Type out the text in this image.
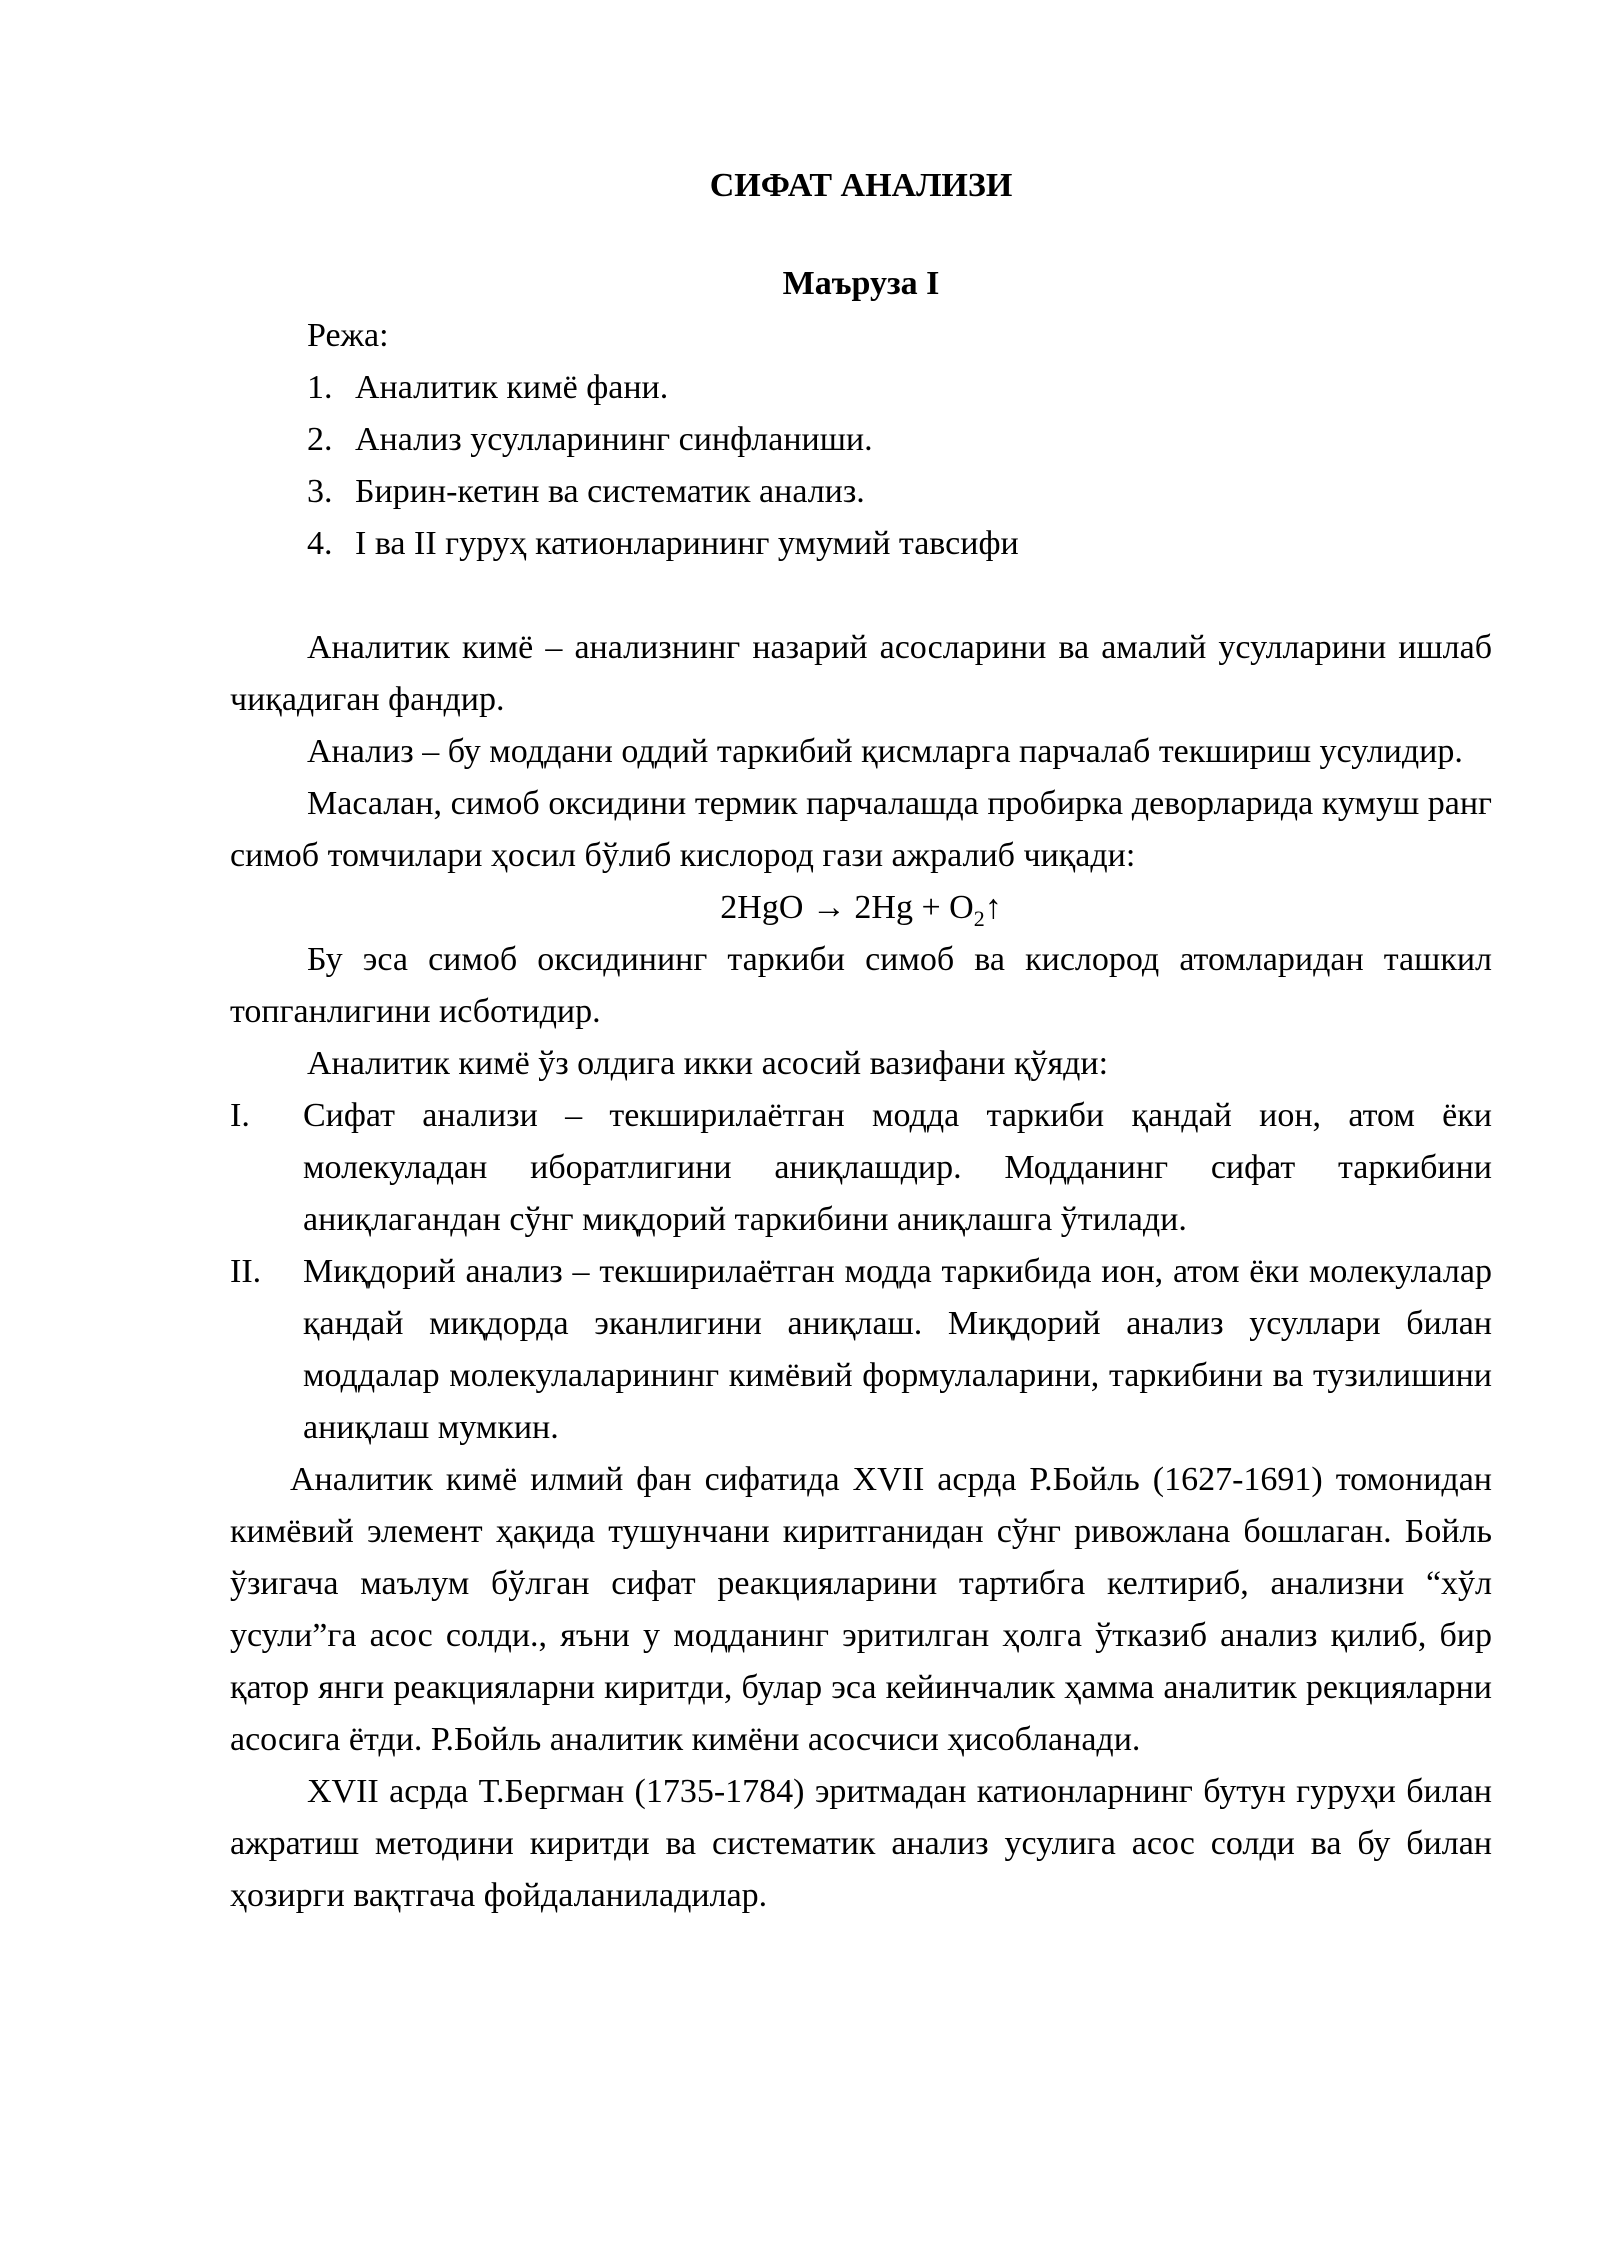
СИФАТ АНАЛИЗИ
Маъруза I

Режа:

1. Аналитик кимё фани.
2. Анализ усулларининг синфланиши.
3. Бирин-кетин ва систематик анализ.
4. I ва II гуруҳ катионларининг умумий тавсифи

Аналитик кимё – анализнинг назарий асосларини ва амалий усулларини ишлаб чиқадиган фандир.

Анализ – бу моддани оддий таркибий қисмларга парчалаб текшириш усулидир.

Масалан, симоб оксидини термик парчалашда пробирка деворларида кумуш ранг симоб томчилари ҳосил бўлиб кислород гази ажралиб чиқади:

$2HgO \to 2Hg + O_2↑$

Бу эса симоб оксидининг таркиби симоб ва кислород атомларидан ташкил топганлигини исботидир.

Аналитик кимё ўз олдига икки асосий вазифани қўяди:

I.	Сифат анализи – текширилаётган модда таркиби қандай ион, атом ёки молекуладан иборатлигини аниқлашдир. Модданинг сифат таркибини аниқлагандан сўнг миқдорий таркибини аниқлашга ўтилади.
II.	Миқдорий анализ – текширилаётган модда таркибида ион, атом ёки молекулалар қандай миқдорда эканлигини аниқлаш. Миқдорий анализ усуллари билан моддалар молекулаларининг кимёвий формулаларини, таркибини ва тузилишини аниқлаш мумкин.

Аналитик кимё илмий фан сифатида XVII асрда Р.Бойль (1627-1691) томонидан кимёвий элемент ҳақида тушунчани киритганидан сўнг ривожлана бошлаган. Бойль ўзигача маълум бўлган сифат реакцияларини тартибга келтириб, анализни “хўл усули”га асос солди., яъни у модданинг эритилган ҳолга ўтказиб анализ қилиб, бир қатор янги реакцияларни киритди, булар эса кейинчалик ҳамма аналитик рекцияларни асосига ётди. Р.Бойль аналитик кимёни асосчиси ҳисобланади.

XVII асрда Т.Бергман (1735-1784) эритмадан катионларнинг бутун гуруҳи билан ажратиш методини киритди ва систематик анализ усулига асос солди ва бу билан ҳозирги вақтгача фойдаланиладилар.
